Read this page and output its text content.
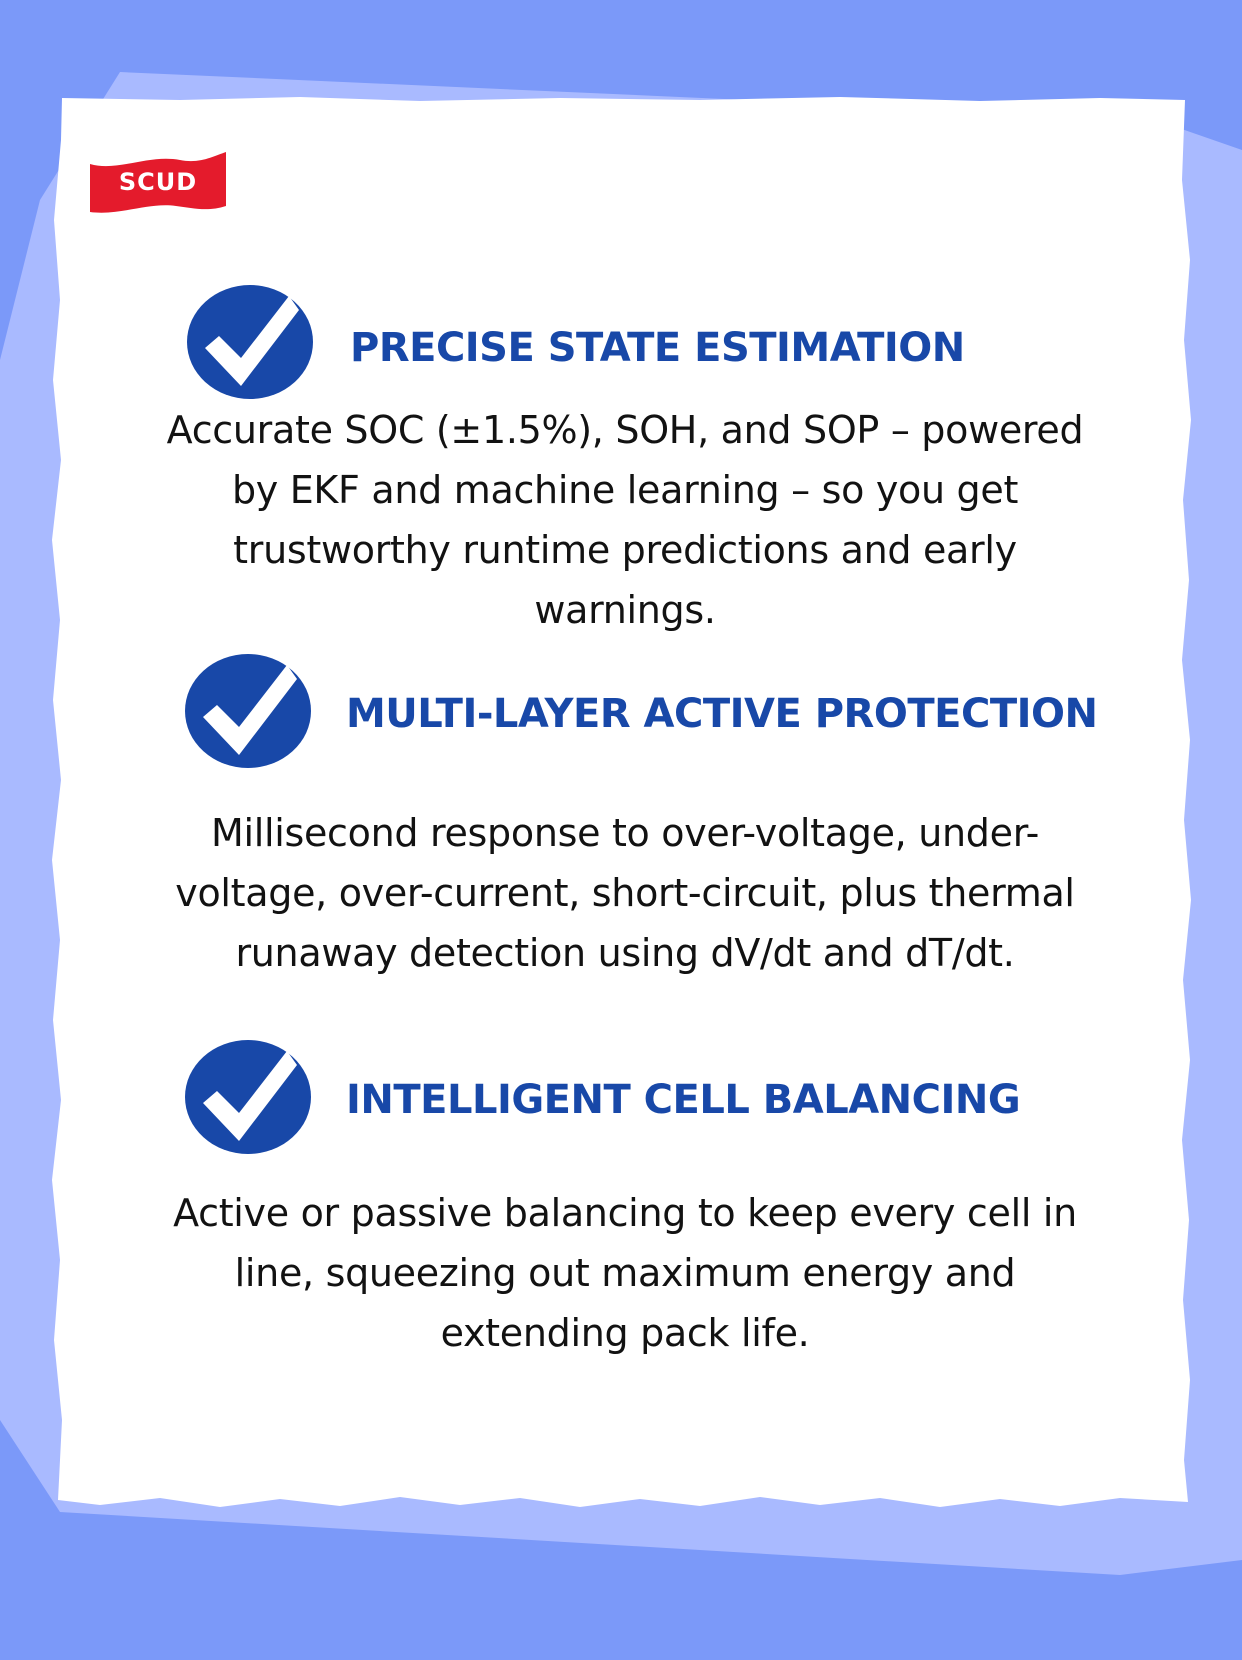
SCUD
PRECISE STATE ESTIMATION
Accurate SOC (±1.5%), SOH, and SOP – powered by EKF and machine learning – so you get trustworthy runtime predictions and early warnings.
MULTI-LAYER ACTIVE PROTECTION
Millisecond response to over-voltage, under-voltage, over-current, short-circuit, plus thermal runaway detection using dV/dt and dT/dt.
INTELLIGENT CELL BALANCING
Active or passive balancing to keep every cell in line, squeezing out maximum energy and extending pack life.
